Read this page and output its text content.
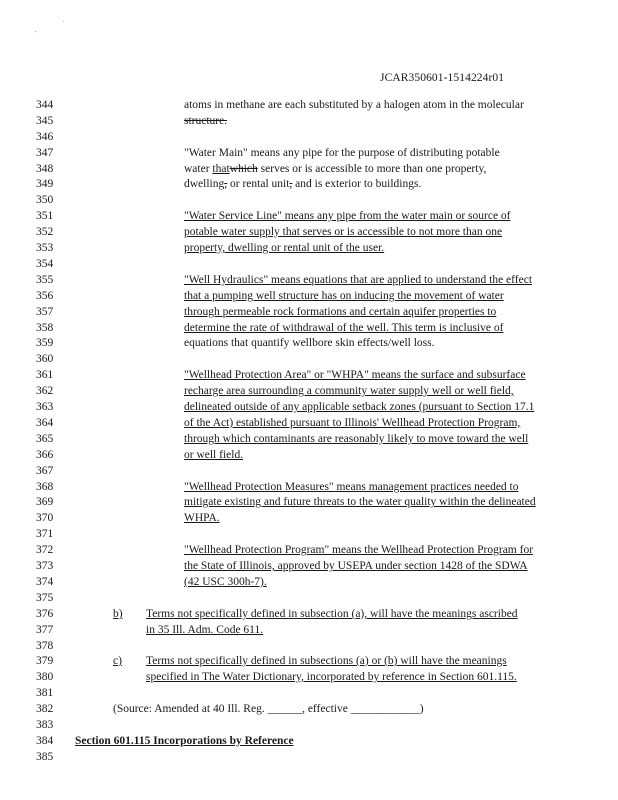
'
.
JCAR350601-1514224r01
344
345
346
347
348
349
350
351
352
353
354
355
356
357
358
359
360
361
362
363
364
365
366
367
368
369
370
371
372
373
374
375
376
377
378
379
380
381
382
383
384
385
atoms in methane are each substituted by a halogen atom in the molecular
structure.
"Water Main" means any pipe for the purpose of distributing potable
water thatwhich serves or is accessible to more than one property,
dwelling, or rental unit, and is exterior to buildings.
"Water Service Line" means any pipe from the water main or source of
potable water supply that serves or is accessible to not more than one
property, dwelling or rental unit of the user.
"Well Hydraulics" means equations that are applied to understand the effect
that a pumping well structure has on inducing the movement of water
through permeable rock formations and certain aquifer properties to
determine the rate of withdrawal of the well. This term is inclusive of
equations that quantify wellbore skin effects/well loss.
"Wellhead Protection Area" or "WHPA" means the surface and subsurface
recharge area surrounding a community water supply well or well field,
delineated outside of any applicable setback zones (pursuant to Section 17.1
of the Act) established pursuant to Illinois' Wellhead Protection Program,
through which contaminants are reasonably likely to move toward the well
or well field.
"Wellhead Protection Measures" means management practices needed to
mitigate existing and future threats to the water quality within the delineated
WHPA.
"Wellhead Protection Program" means the Wellhead Protection Program for
the State of Illinois, approved by USEPA under section 1428 of the SDWA
(42 USC 300h-7).
b) Terms not specifically defined in subsection (a), will have the meanings ascribed
in 35 Ill. Adm. Code 611.
c) Terms not specifically defined in subsections (a) or (b) will have the meanings
specified in The Water Dictionary, incorporated by reference in Section 601.115.
(Source: Amended at 40 Ill. Reg. ______, effective ____________)
Section 601.115 Incorporations by Reference
